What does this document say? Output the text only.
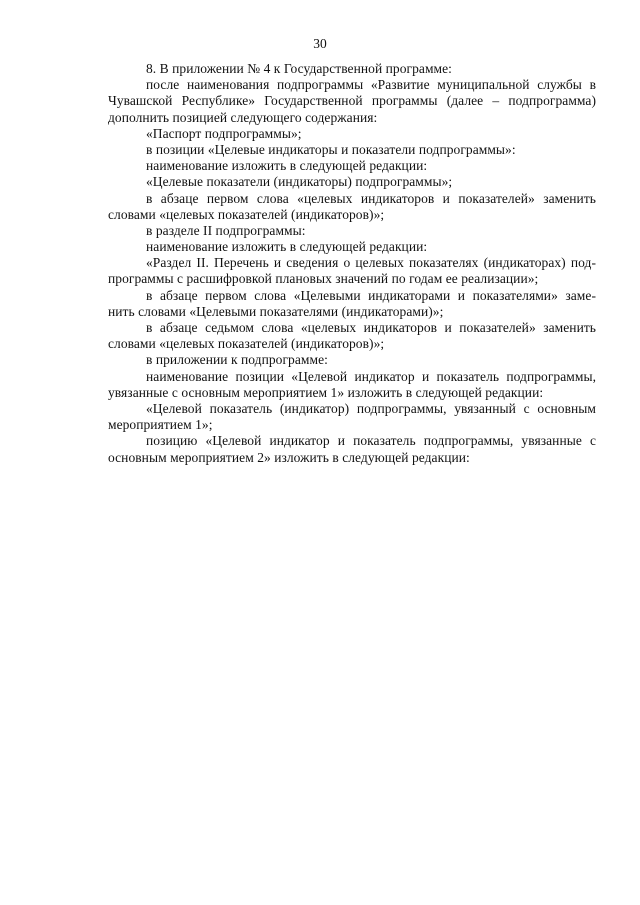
30
8. В приложении № 4 к Государственной программе:
после наименования подпрограммы «Развитие муниципальной службы в
Чувашской Республике» Государственной программы (далее – подпрограмма)
дополнить позицией следующего содержания:
«Паспорт подпрограммы»;
в позиции «Целевые индикаторы и показатели подпрограммы»:
наименование изложить в следующей редакции:
«Целевые показатели (индикаторы) подпрограммы»;
в абзаце первом слова «целевых индикаторов и показателей» заменить
словами «целевых показателей (индикаторов)»;
в разделе II подпрограммы:
наименование изложить в следующей редакции:
«Раздел II. Перечень и сведения о целевых показателях (индикаторах) под-
программы с расшифровкой плановых значений по годам ее реализации»;
в абзаце первом слова «Целевыми индикаторами и показателями» заме-
нить словами «Целевыми показателями (индикаторами)»;
в абзаце седьмом слова «целевых индикаторов и показателей» заменить
словами «целевых показателей (индикаторов)»;
в приложении к подпрограмме:
наименование позиции «Целевой индикатор и показатель подпрограммы,
увязанные с основным мероприятием 1» изложить в следующей редакции:
«Целевой показатель (индикатор) подпрограммы, увязанный с основным
мероприятием 1»;
позицию «Целевой индикатор и показатель подпрограммы, увязанные с
основным мероприятием 2» изложить в следующей редакции:
